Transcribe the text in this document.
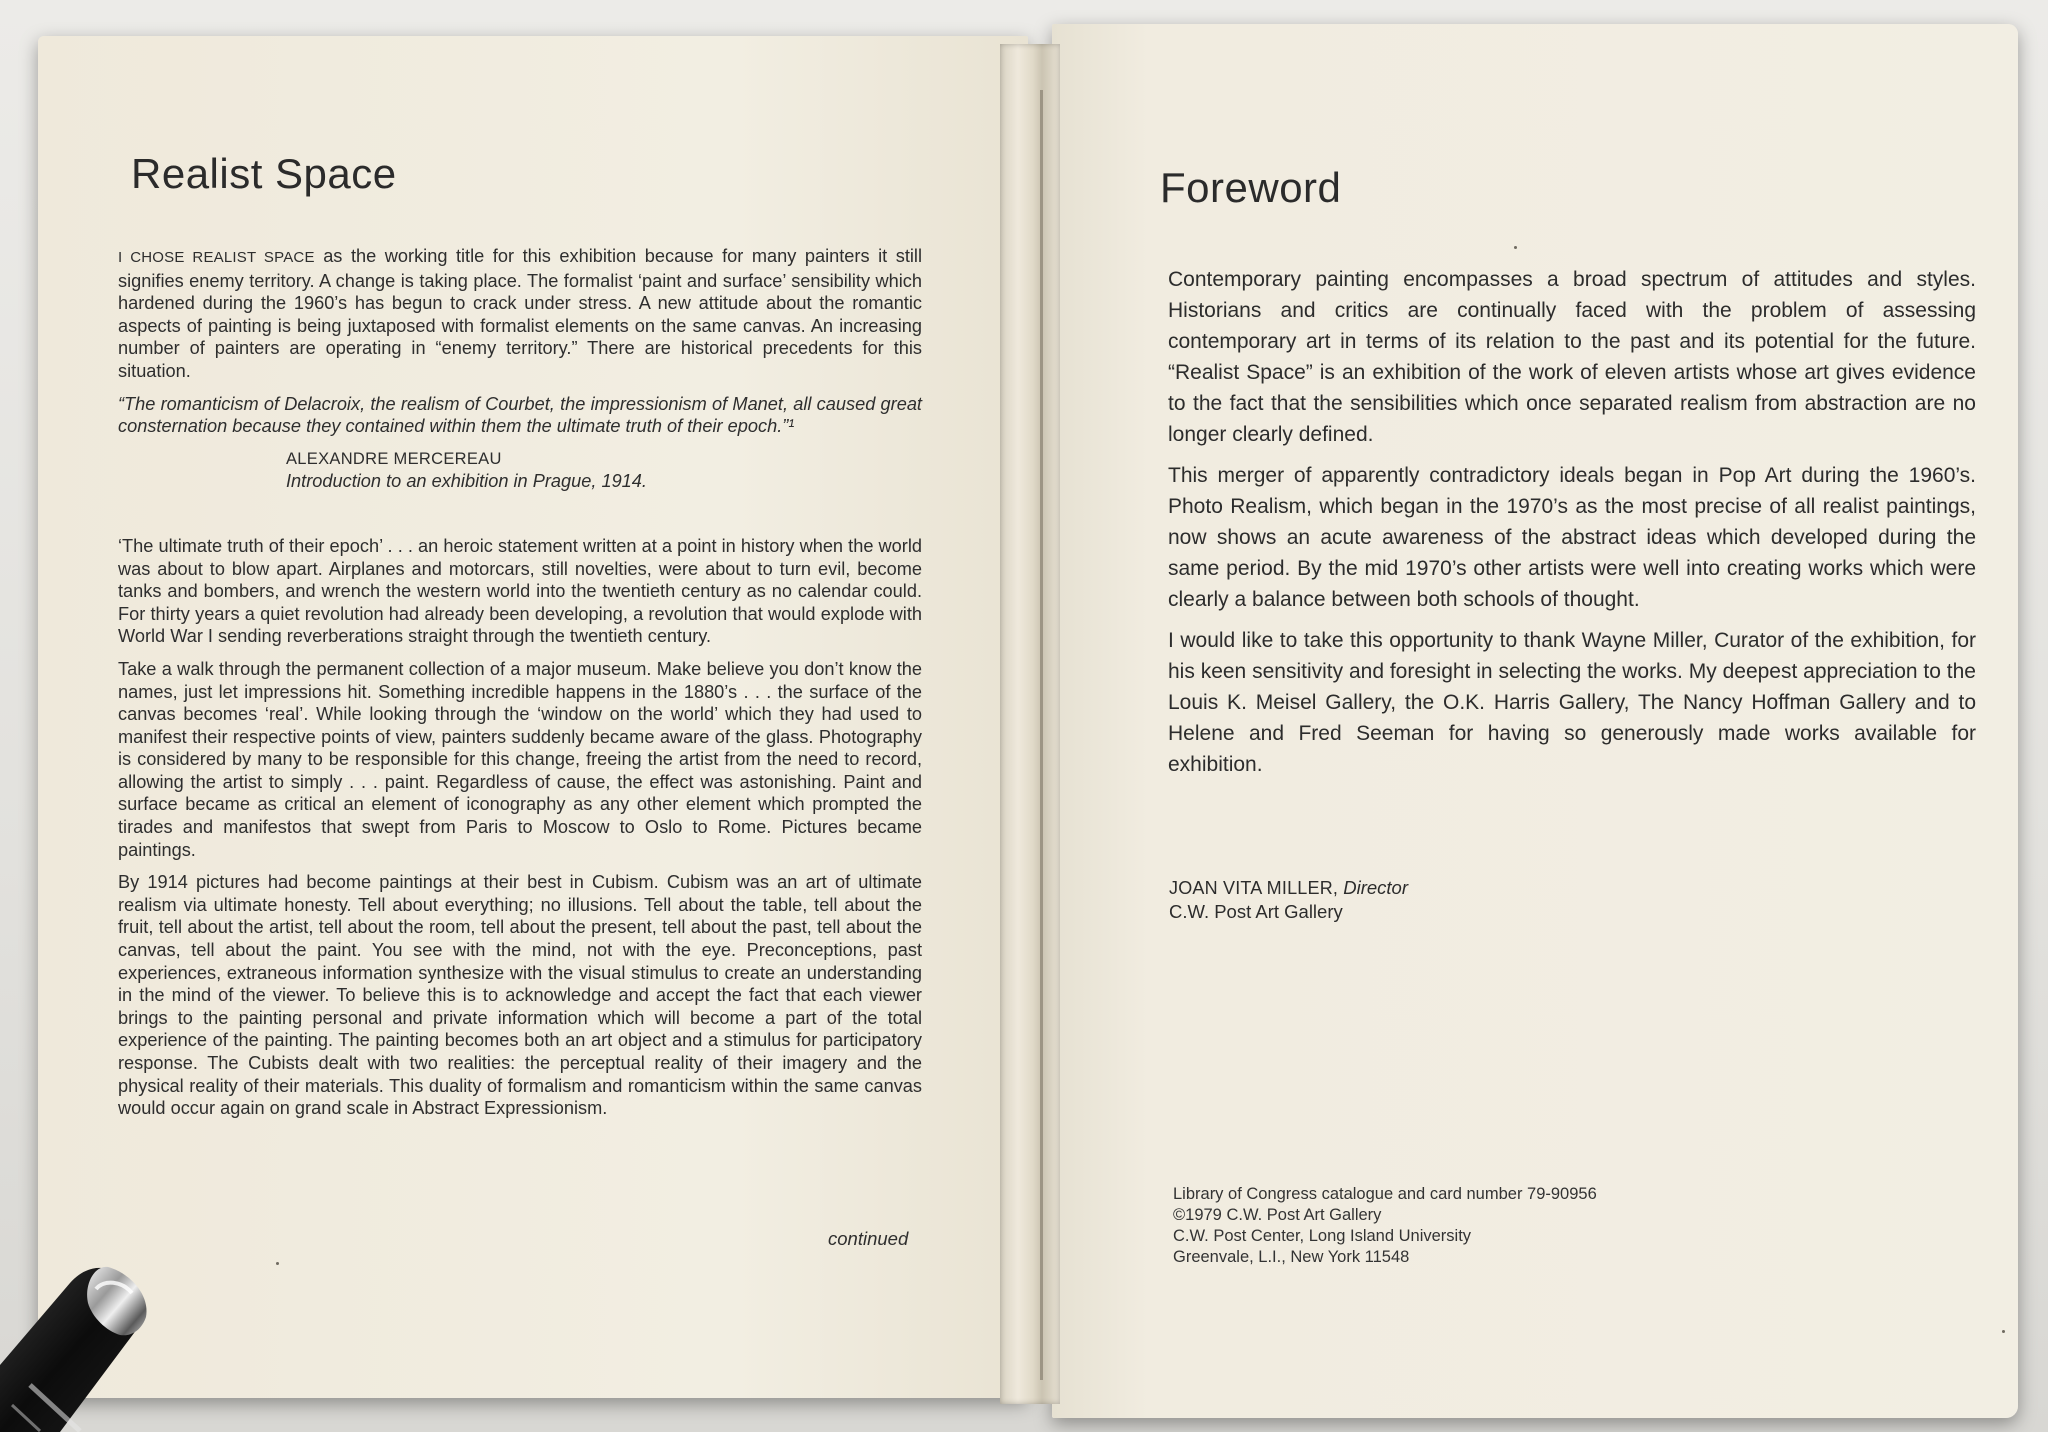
Realist Space

I CHOSE REALIST SPACE as the working title for this exhibition because for many painters it still signifies enemy territory. A change is taking place. The formalist ‘paint and surface’ sensibility which hardened during the 1960’s has begun to crack under stress. A new attitude about the romantic aspects of painting is being juxtaposed with formalist elements on the same canvas. An increasing number of painters are operating in “enemy territory.” There are historical precedents for this situation.

“The romanticism of Delacroix, the realism of Courbet, the impressionism of Manet, all caused great consternation because they contained within them the ultimate truth of their epoch.”¹

ALEXANDRE MERCEREAU
Introduction to an exhibition in Prague, 1914.

‘The ultimate truth of their epoch’ . . . an heroic statement written at a point in history when the world was about to blow apart. Airplanes and motorcars, still novelties, were about to turn evil, become tanks and bombers, and wrench the western world into the twentieth century as no calendar could. For thirty years a quiet revolution had already been developing, a revolution that would explode with World War I sending reverberations straight through the twentieth century.

Take a walk through the permanent collection of a major museum. Make believe you don’t know the names, just let impressions hit. Something incredible happens in the 1880’s . . . the surface of the canvas becomes ‘real’. While looking through the ‘window on the world’ which they had used to manifest their respective points of view, painters suddenly became aware of the glass. Photography is considered by many to be responsible for this change, freeing the artist from the need to record, allowing the artist to simply . . . paint. Regardless of cause, the effect was astonishing. Paint and surface became as critical an element of iconography as any other element which prompted the tirades and manifestos that swept from Paris to Moscow to Oslo to Rome. Pictures became paintings.

By 1914 pictures had become paintings at their best in Cubism. Cubism was an art of ultimate realism via ultimate honesty. Tell about everything; no illusions. Tell about the table, tell about the fruit, tell about the artist, tell about the room, tell about the present, tell about the past, tell about the canvas, tell about the paint. You see with the mind, not with the eye. Preconceptions, past experiences, extraneous information synthesize with the visual stimulus to create an understanding in the mind of the viewer. To believe this is to acknowledge and accept the fact that each viewer brings to the painting personal and private information which will become a part of the total experience of the painting. The painting becomes both an art object and a stimulus for participatory response. The Cubists dealt with two realities: the perceptual reality of their imagery and the physical reality of their materials. This duality of formalism and romanticism within the same canvas would occur again on grand scale in Abstract Expressionism.

continued
Foreword

Contemporary painting encompasses a broad spectrum of attitudes and styles. Historians and critics are continually faced with the problem of assessing contemporary art in terms of its relation to the past and its potential for the future. “Realist Space” is an exhibition of the work of eleven artists whose art gives evidence to the fact that the sensibilities which once separated realism from abstraction are no longer clearly defined.

This merger of apparently contradictory ideals began in Pop Art during the 1960’s. Photo Realism, which began in the 1970’s as the most precise of all realist paintings, now shows an acute awareness of the abstract ideas which developed during the same period. By the mid 1970’s other artists were well into creating works which were clearly a balance between both schools of thought.

I would like to take this opportunity to thank Wayne Miller, Curator of the exhibition, for his keen sensitivity and foresight in selecting the works. My deepest appreciation to the Louis K. Meisel Gallery, the O.K. Harris Gallery, The Nancy Hoffman Gallery and to Helene and Fred Seeman for having so generously made works available for exhibition.

JOAN VITA MILLER, Director
C.W. Post Art Gallery
Library of Congress catalogue and card number 79-90956
©1979 C.W. Post Art Gallery
C.W. Post Center, Long Island University
Greenvale, L.I., New York 11548
